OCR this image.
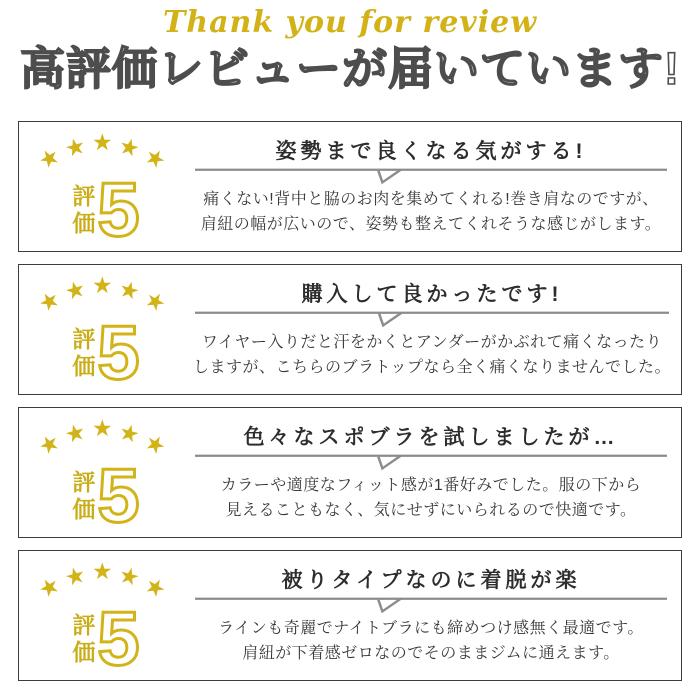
Thank you for review
高評価レビューが届いています!
★
★ ★ ★
★
評価 5
姿勢まで良くなる気がする!
痛くない!背中と脇のお肉を集めてくれる!巻き肩なのですが、
肩紐の幅が広いので、姿勢も整えてくれそうな感じがします。
★
★ ★ ★
★
評価 5
購入して良かったです!
ワイヤー入りだと汗をかくとアンダーがかぶれて痛くなったり
しますが、こちらのブラトップなら全く痛くなりませんでした。
★
★ ★ ★
★
評価 5
色々なスポブラを試しましたが…
カラーや適度なフィット感が1番好みでした。服の下から
見えることもなく、気にせずにいられるので快適です。
★
★ ★ ★
★
評価 5
被りタイプなのに着脱が楽
ラインも奇麗でナイトブラにも締めつけ感無く最適です。
肩紐が下着感ゼロなのでそのままジムに通えます。
